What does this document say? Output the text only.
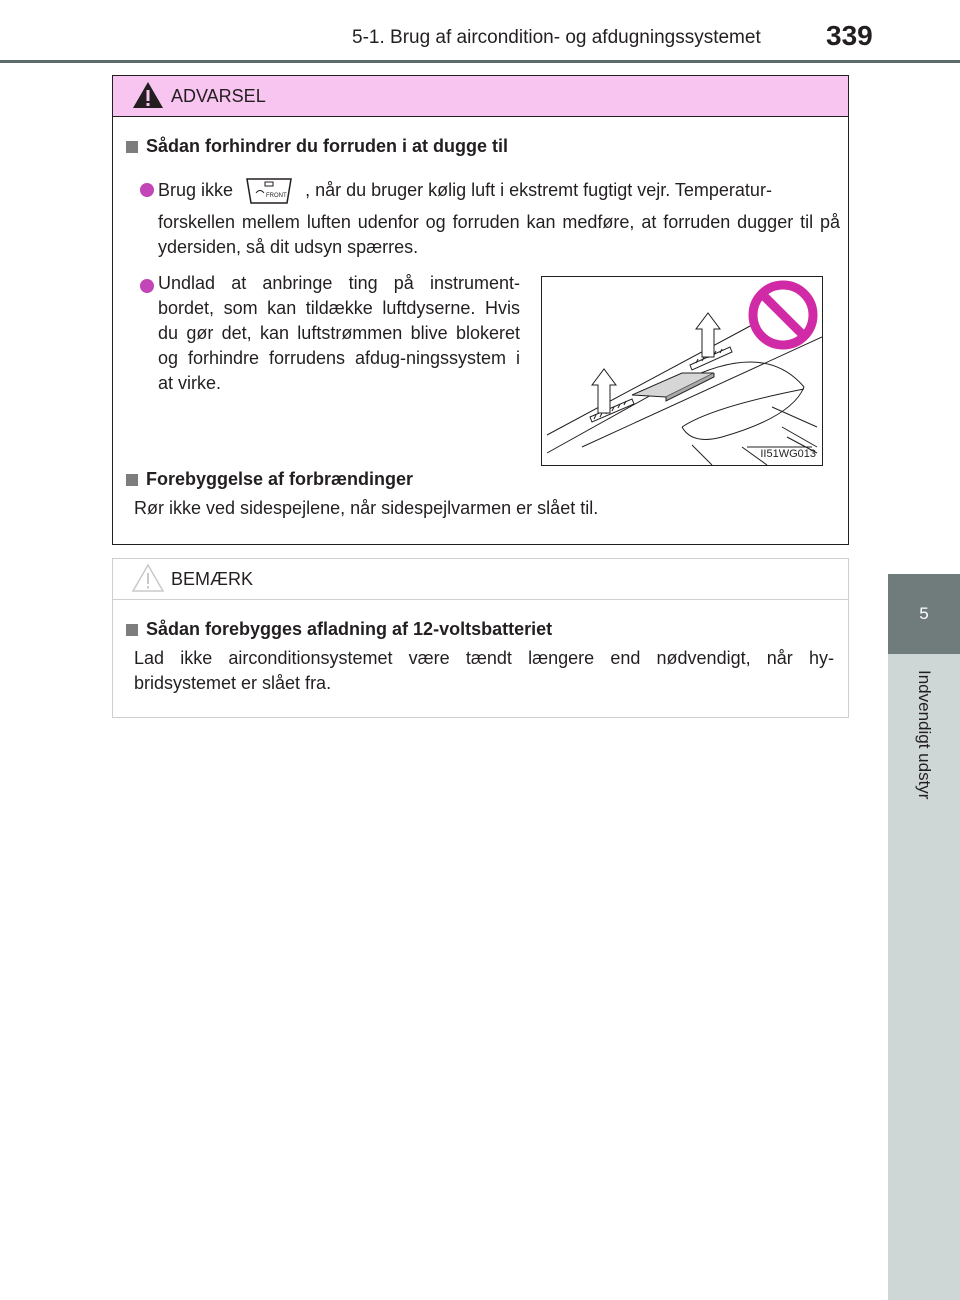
5-1. Brug af aircondition- og afdugningssystemet 339
5
Indvendigt udstyr
ADVARSEL
Sådan forhindrer du forruden i at dugge til
Brug ikke	FRONT , når du bruger kølig luft i ekstremt fugtigt vejr. Temperatur-
forskellen mellem luften udenfor og forruden kan medføre, at forruden dugger til på ydersiden, så dit udsyn spærres.
Undlad at anbringe ting på instrument-bordet, som kan tildække luftdyserne. Hvis du gør det, kan luftstrømmen blive blokeret og forhindre forrudens afdug-ningssystem i at virke.
II51WG013
Forebyggelse af forbrændinger
Rør ikke ved sidespejlene, når sidespejlvarmen er slået til.
BEMÆRK
Sådan forebygges afladning af 12-voltsbatteriet
Lad ikke airconditionsystemet være tændt længere end nødvendigt, når hy-bridsystemet er slået fra.
